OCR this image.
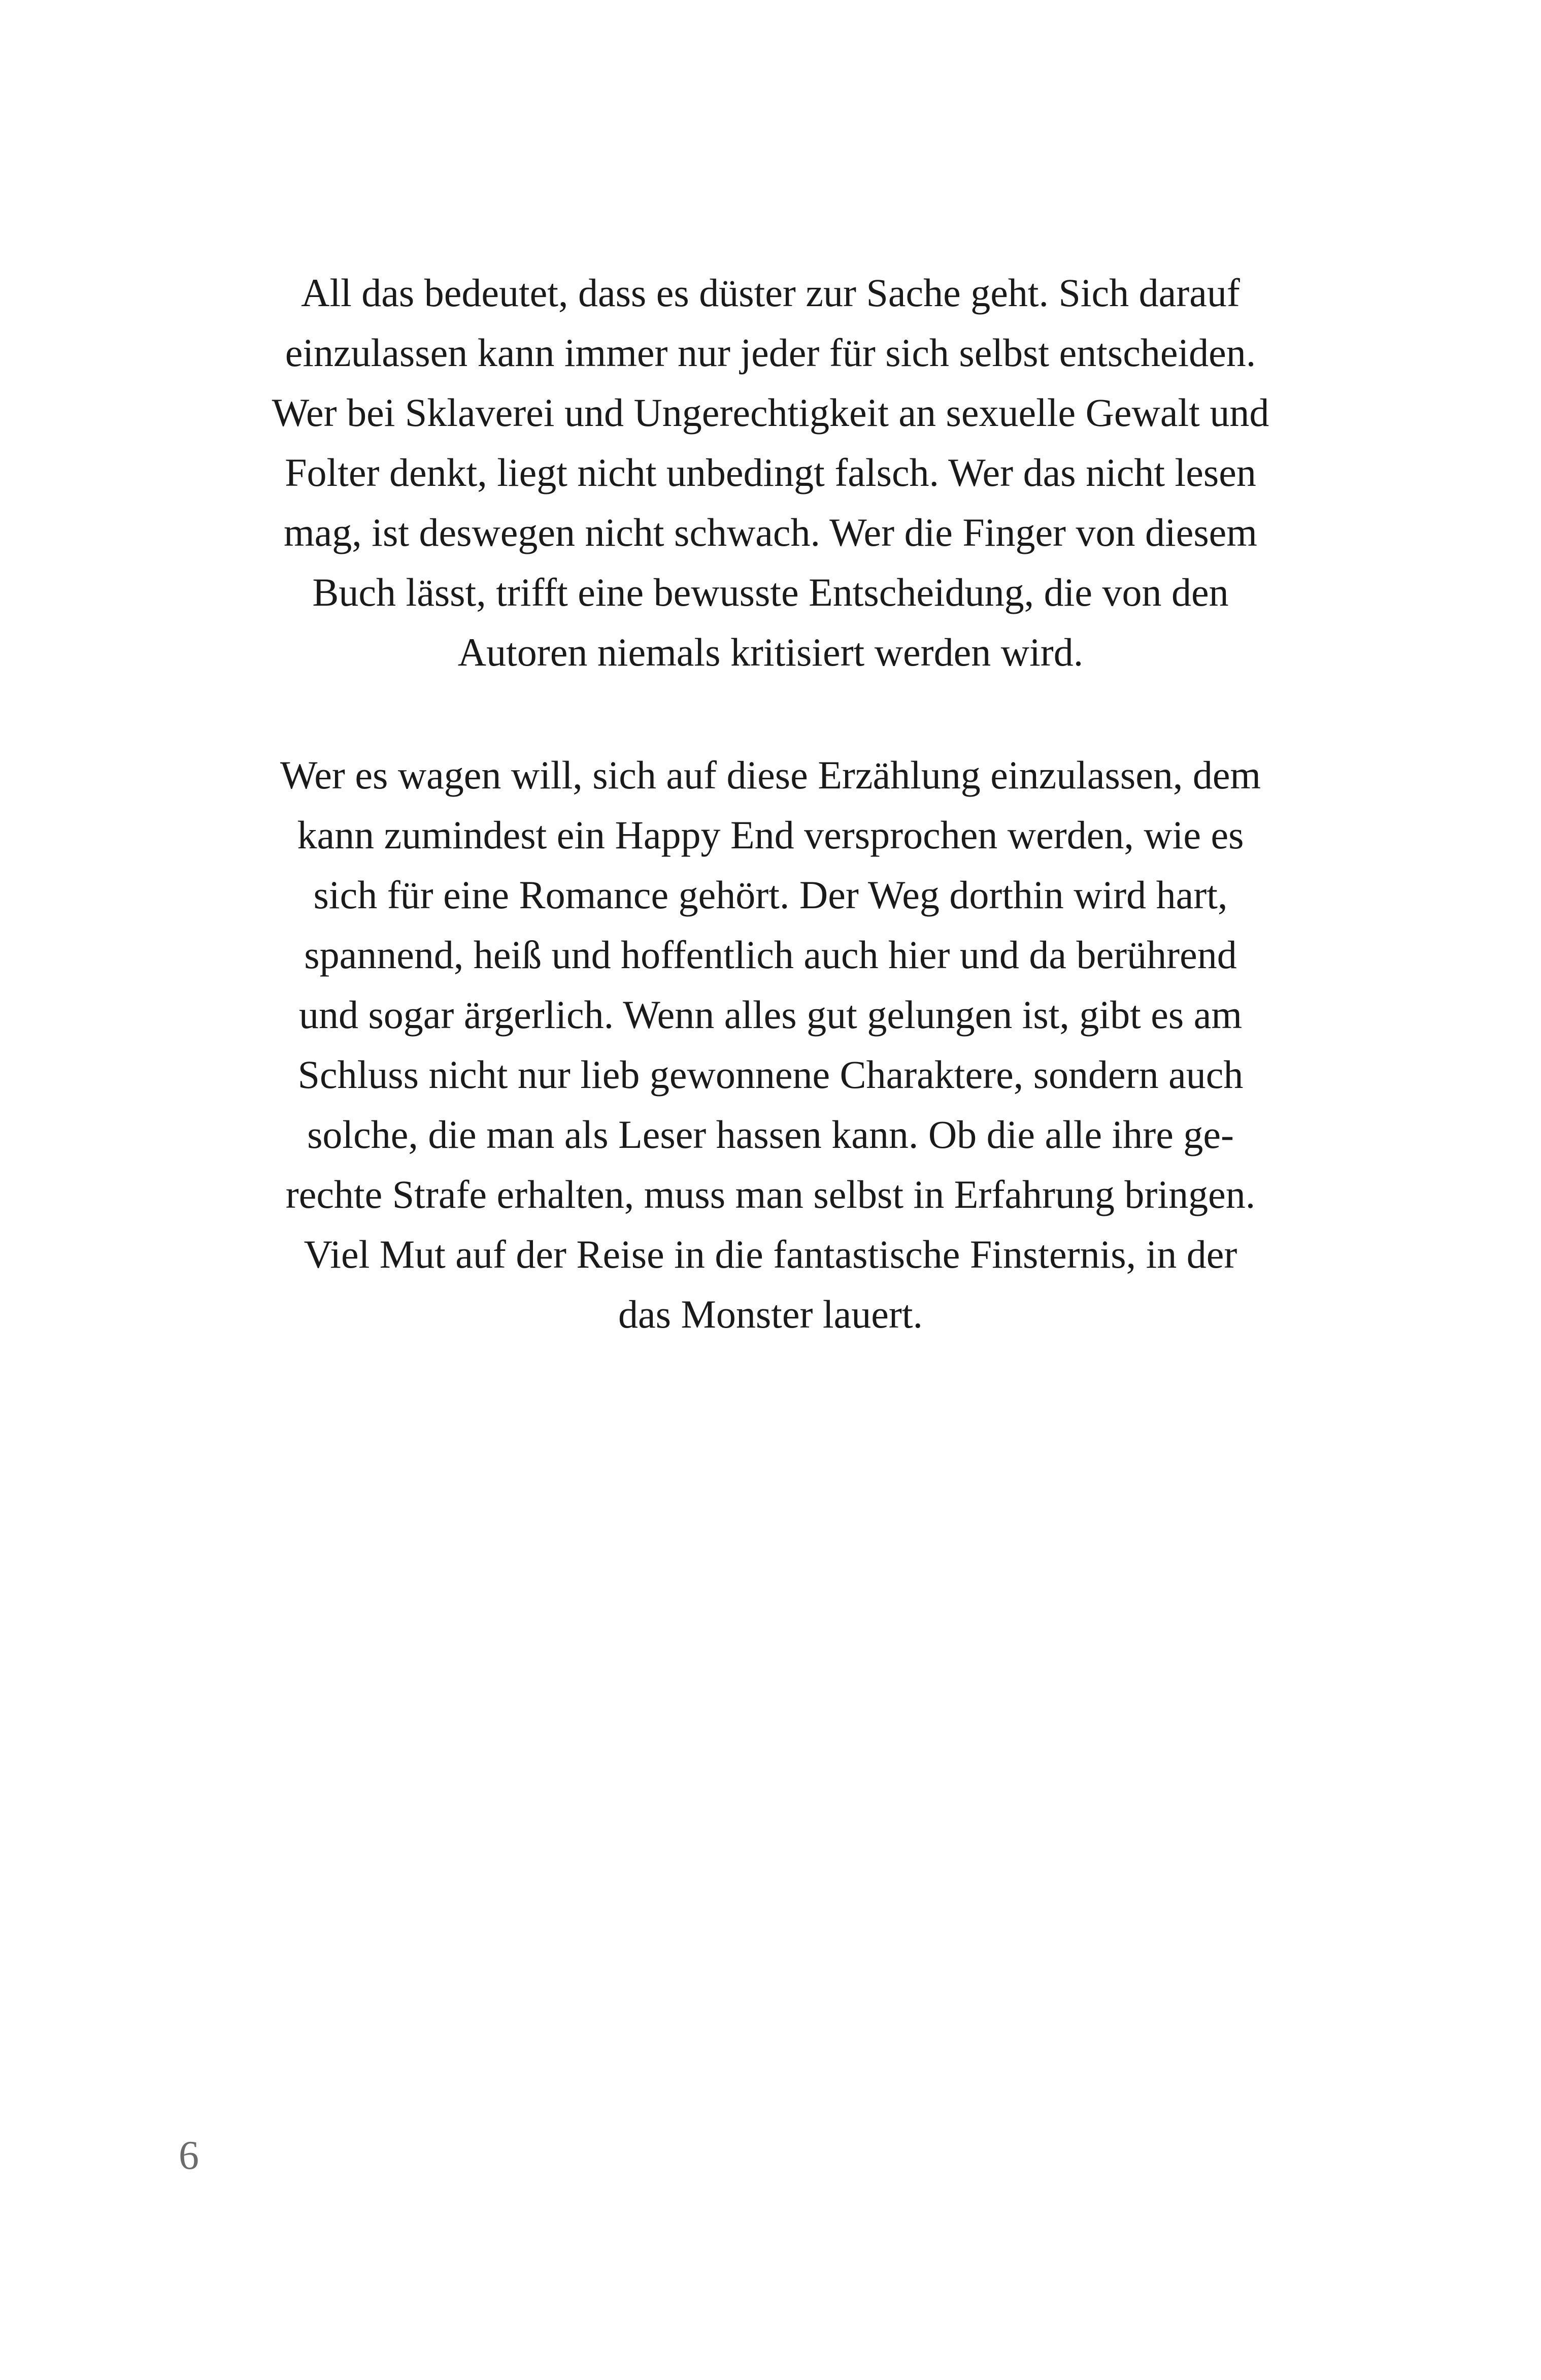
All das bedeutet, dass es düster zur Sache geht. Sich darauf
einzulassen kann immer nur jeder für sich selbst entscheiden.
Wer bei Sklaverei und Ungerechtigkeit an sexuelle Gewalt und
Folter denkt, liegt nicht unbedingt falsch. Wer das nicht lesen
mag, ist deswegen nicht schwach. Wer die Finger von diesem
Buch lässt, trifft eine bewusste Entscheidung, die von den
Autoren niemals kritisiert werden wird.
Wer es wagen will, sich auf diese Erzählung einzulassen, dem
kann zumindest ein Happy End versprochen werden, wie es
sich für eine Romance gehört. Der Weg dorthin wird hart,
spannend, heiß und hoffentlich auch hier und da berührend
und sogar ärgerlich. Wenn alles gut gelungen ist, gibt es am
Schluss nicht nur lieb gewonnene Charaktere, sondern auch
solche, die man als Leser hassen kann. Ob die alle ihre ge-
rechte Strafe erhalten, muss man selbst in Erfahrung bringen.
Viel Mut auf der Reise in die fantastische Finsternis, in der
das Monster lauert.
6
